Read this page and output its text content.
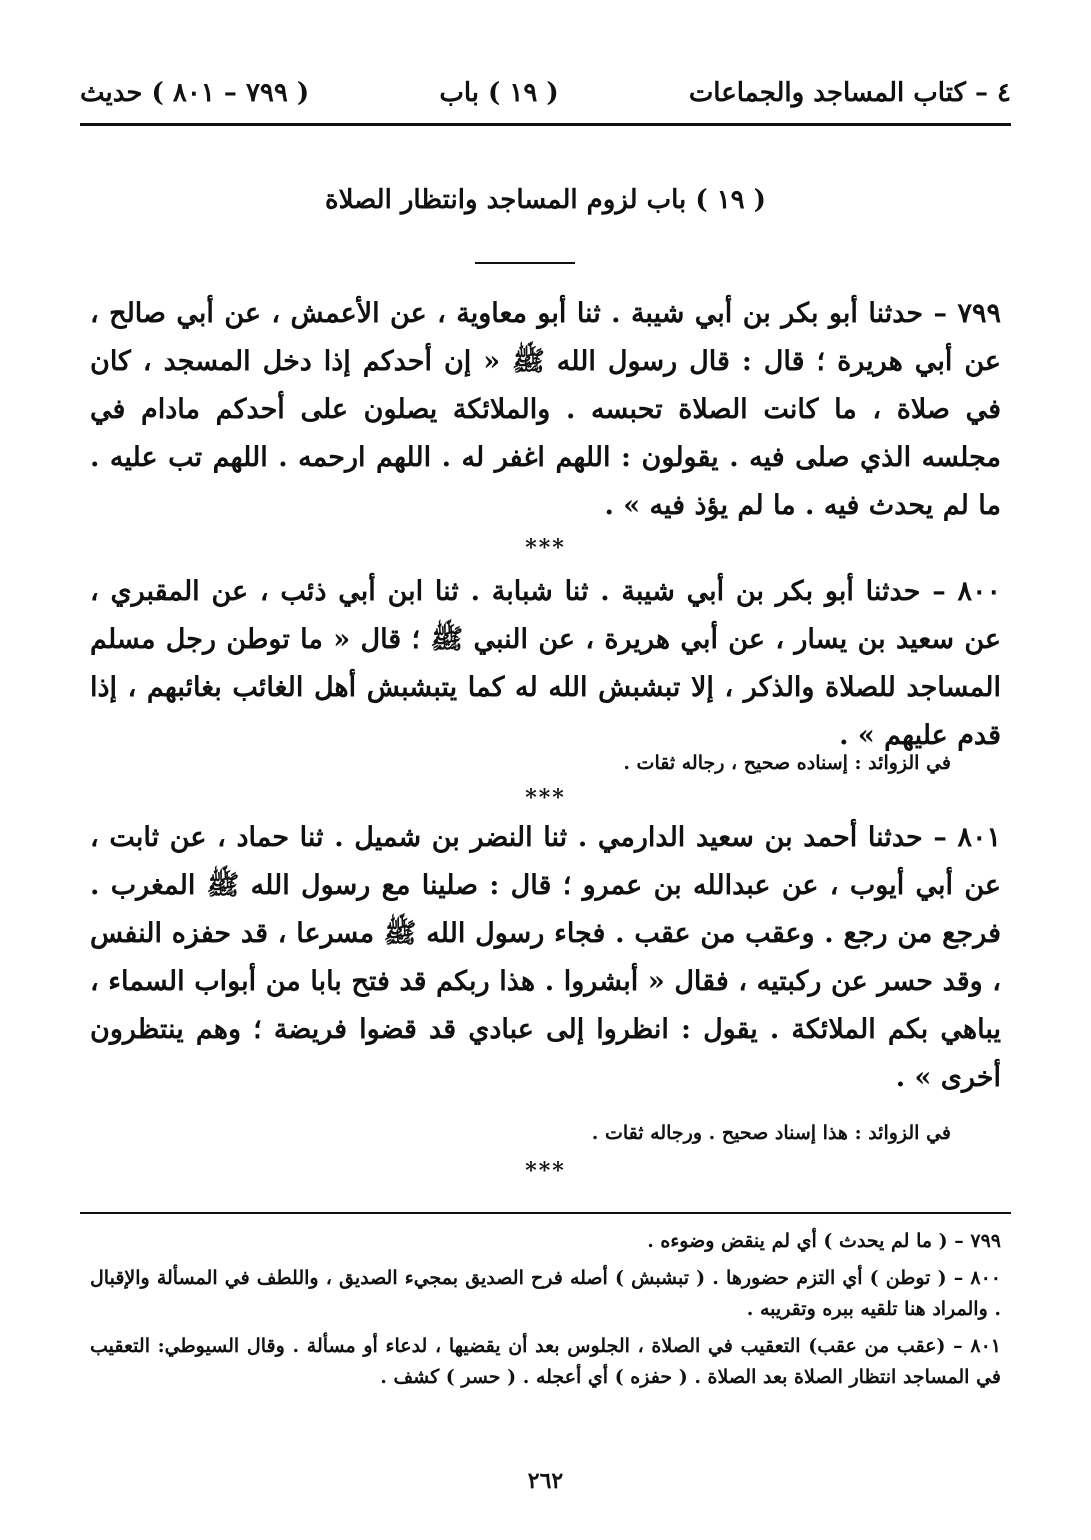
٤ – كتاب المساجد والجماعات
( ١٩ ) باب
( ٧٩٩ – ٨٠١ ) حديث
( ١٩ ) باب لزوم المساجد وانتظار الصلاة
٧٩٩ – حدثنا أبو بكر بن أبي شيبة . ثنا أبو معاوية ، عن الأعمش ، عن أبي صالح ، عن أبي هريرة ؛ قال : قال رسول الله ﷺ « إن أحدكم إذا دخل المسجد ، كان في صلاة ، ما كانت الصلاة تحبسه . والملائكة يصلون على أحدكم مادام في مجلسه الذي صلى فيه . يقولون : اللهم اغفر له . اللهم ارحمه . اللهم تب عليه . ما لم يحدث فيه . ما لم يؤذ فيه » .
***
٨٠٠ – حدثنا أبو بكر بن أبي شيبة . ثنا شبابة . ثنا ابن أبي ذئب ، عن المقبري ، عن سعيد بن يسار ، عن أبي هريرة ، عن النبي ﷺ ؛ قال « ما توطن رجل مسلم المساجد للصلاة والذكر ، إلا تبشبش الله له كما يتبشبش أهل الغائب بغائبهم ، إذا قدم عليهم » .
في الزوائد : إسناده صحيح ، رجاله ثقات .
***
٨٠١ – حدثنا أحمد بن سعيد الدارمي . ثنا النضر بن شميل . ثنا حماد ، عن ثابت ، عن أبي أيوب ، عن عبدالله بن عمرو ؛ قال : صلينا مع رسول الله ﷺ المغرب . فرجع من رجع . وعقب من عقب . فجاء رسول الله ﷺ مسرعا ، قد حفزه النفس ، وقد حسر عن ركبتيه ، فقال « أبشروا . هذا ربكم قد فتح بابا من أبواب السماء ، يباهي بكم الملائكة . يقول : انظروا إلى عبادي قد قضوا فريضة ؛ وهم ينتظرون أخرى » .
في الزوائد : هذا إسناد صحيح . ورجاله ثقات .
***

٧٩٩ – ( ما لم يحدث ) أي لم ينقض وضوءه .

٨٠٠ – ( توطن ) أي التزم حضورها . ( تبشبش ) أصله فرح الصديق بمجيء الصديق ، واللطف في المسألة والإقبال . والمراد هنا تلقيه ببره وتقريبه .

٨٠١ – (عقب من عقب) التعقيب في الصلاة ، الجلوس بعد أن يقضيها ، لدعاء أو مسألة . وقال السيوطي: التعقيب في المساجد انتظار الصلاة بعد الصلاة . ( حفزه ) أي أعجله . ( حسر ) كشف .

٢٦٢
